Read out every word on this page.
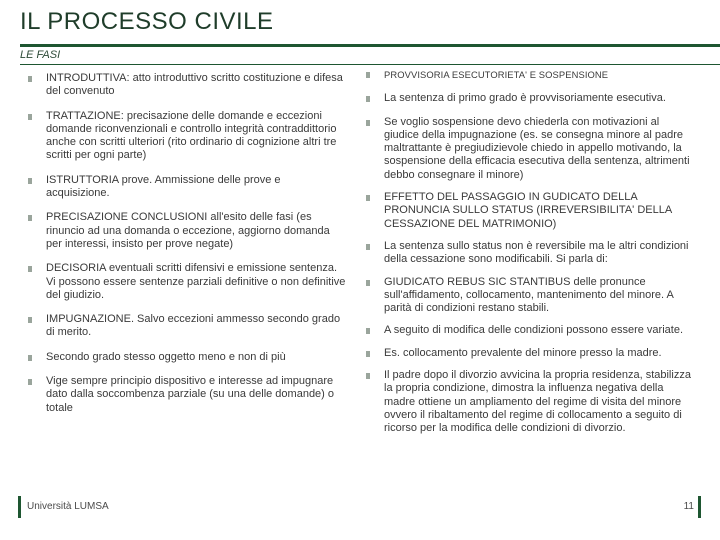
IL PROCESSO CIVILE
LE FASI
INTRODUTTIVA: atto introduttivo scritto costituzione e difesa del convenuto
TRATTAZIONE: precisazione delle domande e eccezioni domande riconvenzionali e controllo integrità contraddittorio anche con scritti ulteriori (rito ordinario di cognizione altri tre scritti per ogni parte)
ISTRUTTORIA prove. Ammissione delle prove e acquisizione.
PRECISAZIONE CONCLUSIONI all'esito delle fasi (es rinuncio ad una domanda o eccezione, aggiorno domanda per interessi, insisto per prove negate)
DECISORIA eventuali scritti difensivi e emissione sentenza. Vi possono essere sentenze parziali definitive o non definitive del giudizio.
IMPUGNAZIONE. Salvo eccezioni ammesso secondo grado di merito.
Secondo grado stesso oggetto meno e non di più
Vige sempre principio dispositivo e interesse ad impugnare dato dalla soccombenza parziale (su una delle domande) o totale
PROVVISORIA ESECUTORIETA' E SOSPENSIONE
La sentenza di primo grado è provvisoriamente esecutiva.
Se voglio sospensione devo chiederla con motivazioni al giudice della impugnazione (es. se consegna minore al padre maltrattante è pregiudizievole chiedo in appello motivando, la sospensione della efficacia esecutiva della sentenza, altrimenti debbo consegnare il minore)
EFFETTO DEL PASSAGGIO IN GUDICATO DELLA PRONUNCIA SULLO STATUS (IRREVERSIBILITA' DELLA CESSAZIONE DEL MATRIMONIO)
La sentenza sullo status non è reversibile ma le altri condizioni della cessazione sono modificabili. Si parla di:
GIUDICATO REBUS SIC STANTIBUS delle pronunce sull'affidamento, collocamento, mantenimento del minore. A parità di condizioni restano stabili.
A seguito di modifica delle condizioni possono essere variate.
Es. collocamento prevalente del minore presso la madre.
Il padre dopo il divorzio avvicina la propria residenza, stabilizza la propria condizione, dimostra la influenza negativa della madre ottiene un ampliamento del regime di visita del minore ovvero il ribaltamento del regime di collocamento a seguito di ricorso per la modifica delle condizioni di divorzio.
Università LUMSA	11
